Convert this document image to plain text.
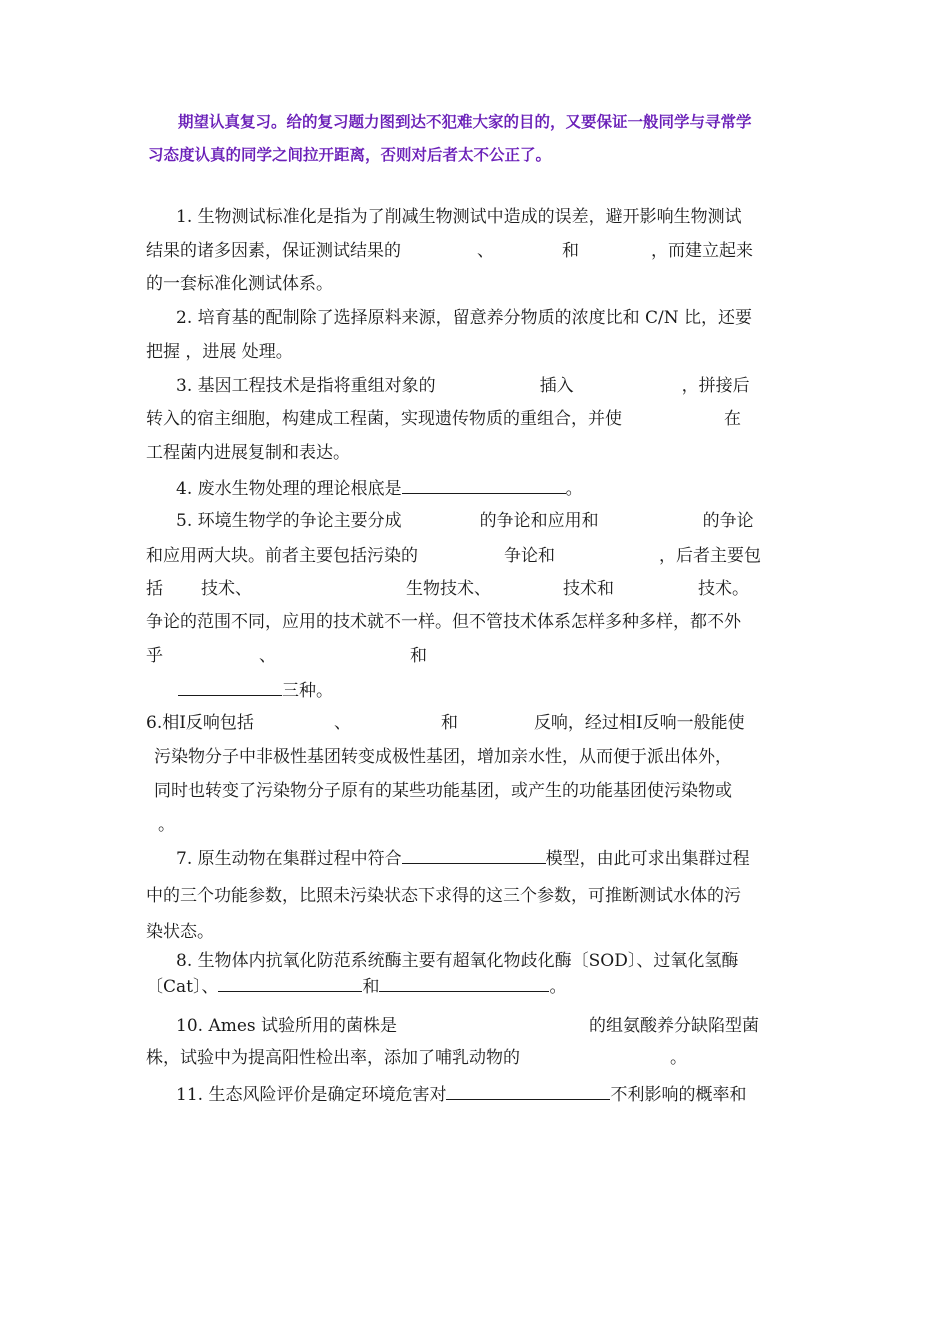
期望认真复习。给的复习题力图到达不犯难大家的目的，又要保证一般同学与寻常学
习态度认真的同学之间拉开距离，否则对后者太不公正了。
1. 生物测试标准化是指为了削减生物测试中造成的误差，避开影响生物测试
结果的诸多因素，保证测试结果的	、	和	，而建立起来
的一套标准化测试体系。
2. 培育基的配制除了选择原料来源，留意养分物质的浓度比和 C/N 比，还要
把握 ，进展 处理。
3. 基因工程技术是指将重组对象的	插入	，拼接后
转入的宿主细胞，构建成工程菌，实现遗传物质的重组合，并使	在
工程菌内进展复制和表达。
4. 废水生物处理的理论根底是	。
5. 环境生物学的争论主要分成	的争论和应用和	的争论
和应用两大块。前者主要包括污染的	争论和	，后者主要包
括 技术、	生物技术、	技术和	技术。
争论的范围不同，应用的技术就不一样。但不管技术体系怎样多种多样，都不外
乎	、	和
三种。
6.相Ⅰ反响包括	、	和	反响，经过相Ⅰ反响一般能使
污染物分子中非极性基团转变成极性基团，增加亲水性，从而便于派出体外，
同时也转变了污染物分子原有的某些功能基团，或产生的功能基团使污染物或
。
7. 原生动物在集群过程中符合	模型，由此可求出集群过程
中的三个功能参数，比照未污染状态下求得的这三个参数，可推断测试水体的污
染状态。
8. 生物体内抗氧化防范系统酶主要有超氧化物歧化酶〔SOD〕、过氧化氢酶
〔Cat〕、	和	。
10. Ames 试验所用的菌株是	的组氨酸养分缺陷型菌
株，试验中为提高阳性检出率，添加了哺乳动物的	。
11. 生态风险评价是确定环境危害对	不利影响的概率和
